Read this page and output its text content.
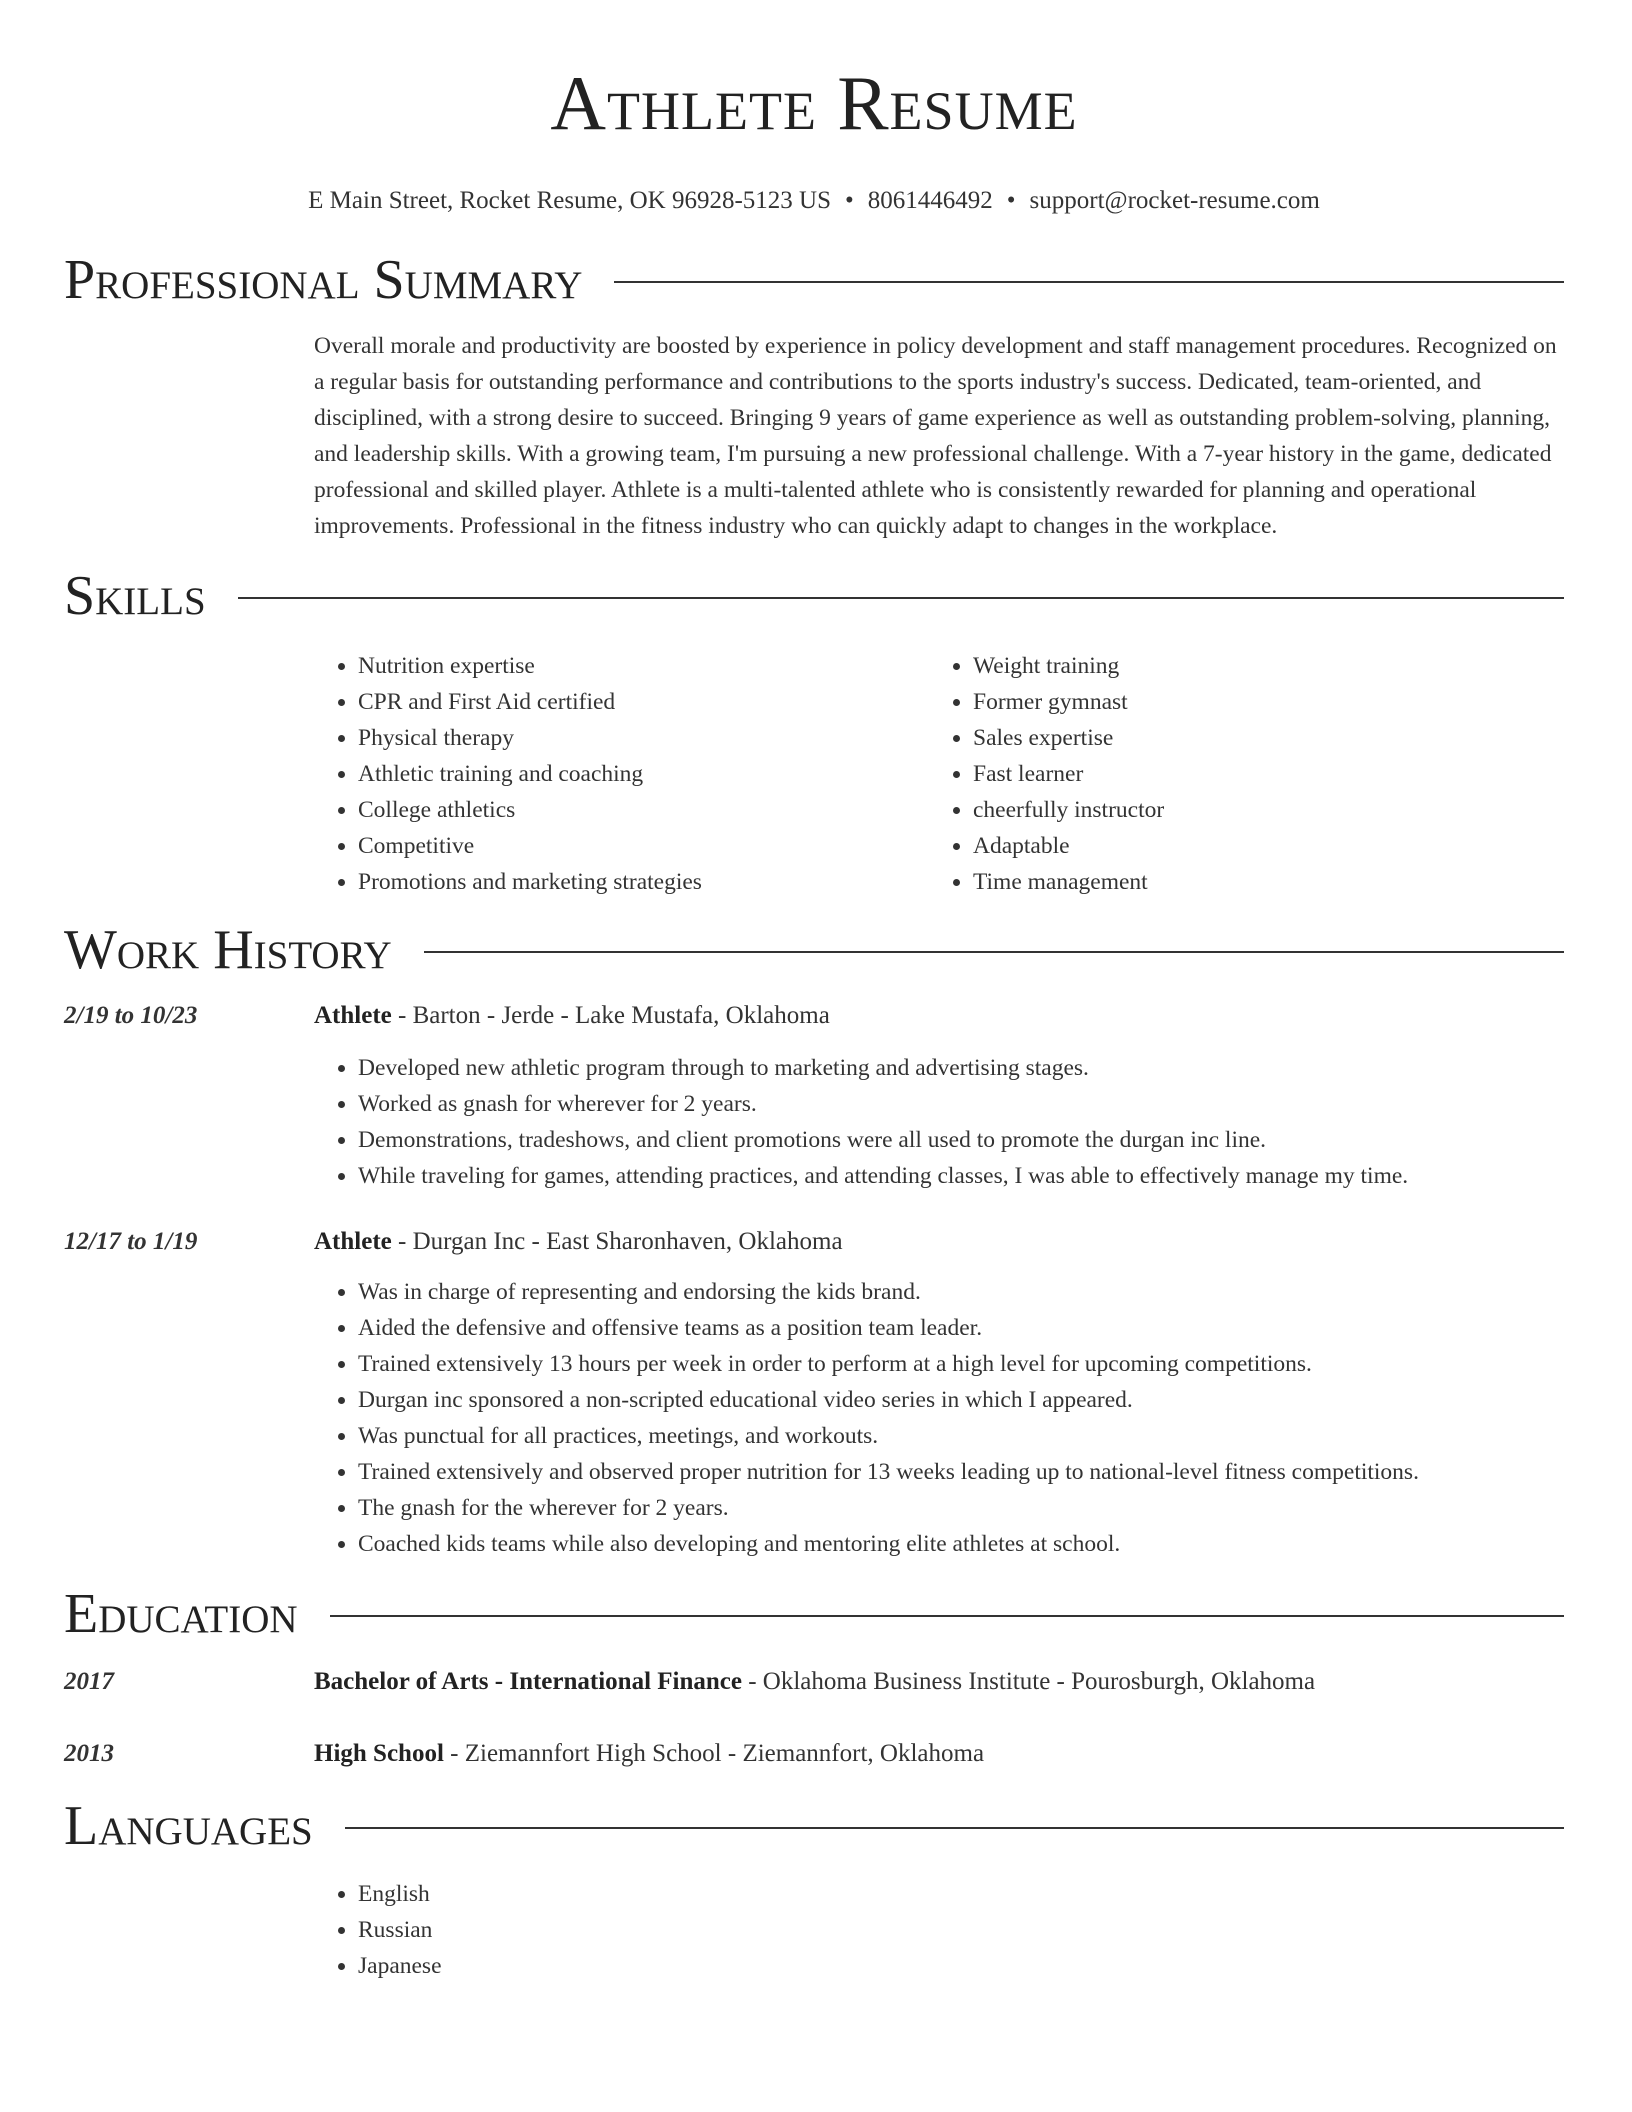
Athlete Resume
E Main Street, Rocket Resume, OK 96928-5123 US • 8061446492 • support@rocket-resume.com
Professional Summary

Overall morale and productivity are boosted by experience in policy development and staff management procedures. Recognized on a regular basis for outstanding performance and contributions to the sports industry's success. Dedicated, team-oriented, and disciplined, with a strong desire to succeed. Bringing 9 years of game experience as well as outstanding problem-solving, planning, and leadership skills. With a growing team, I'm pursuing a new professional challenge. With a 7-year history in the game, dedicated professional and skilled player. Athlete is a multi-talented athlete who is consistently rewarded for planning and operational improvements. Professional in the fitness industry who can quickly adapt to changes in the workplace.

Skills
• Nutrition expertise
• CPR and First Aid certified
• Physical therapy
• Athletic training and coaching
• College athletics
• Competitive
• Promotions and marketing strategies
• Weight training
• Former gymnast
• Sales expertise
• Fast learner
• cheerfully instructor
• Adaptable
• Time management
Work History
2/19 to 10/23	Athlete - Barton - Jerde - Lake Mustafa, Oklahoma
• Developed new athletic program through to marketing and advertising stages.
• Worked as gnash for wherever for 2 years.
• Demonstrations, tradeshows, and client promotions were all used to promote the durgan inc line.
• While traveling for games, attending practices, and attending classes, I was able to effectively manage my time.
12/17 to 1/19	Athlete - Durgan Inc - East Sharonhaven, Oklahoma
• Was in charge of representing and endorsing the kids brand.
• Aided the defensive and offensive teams as a position team leader.
• Trained extensively 13 hours per week in order to perform at a high level for upcoming competitions.
• Durgan inc sponsored a non-scripted educational video series in which I appeared.
• Was punctual for all practices, meetings, and workouts.
• Trained extensively and observed proper nutrition for 13 weeks leading up to national-level fitness competitions.
• The gnash for the wherever for 2 years.
• Coached kids teams while also developing and mentoring elite athletes at school.
Education
2017	Bachelor of Arts - International Finance - Oklahoma Business Institute - Pourosburgh, Oklahoma
2013	High School - Ziemannfort High School - Ziemannfort, Oklahoma
Languages
• English
• Russian
• Japanese
